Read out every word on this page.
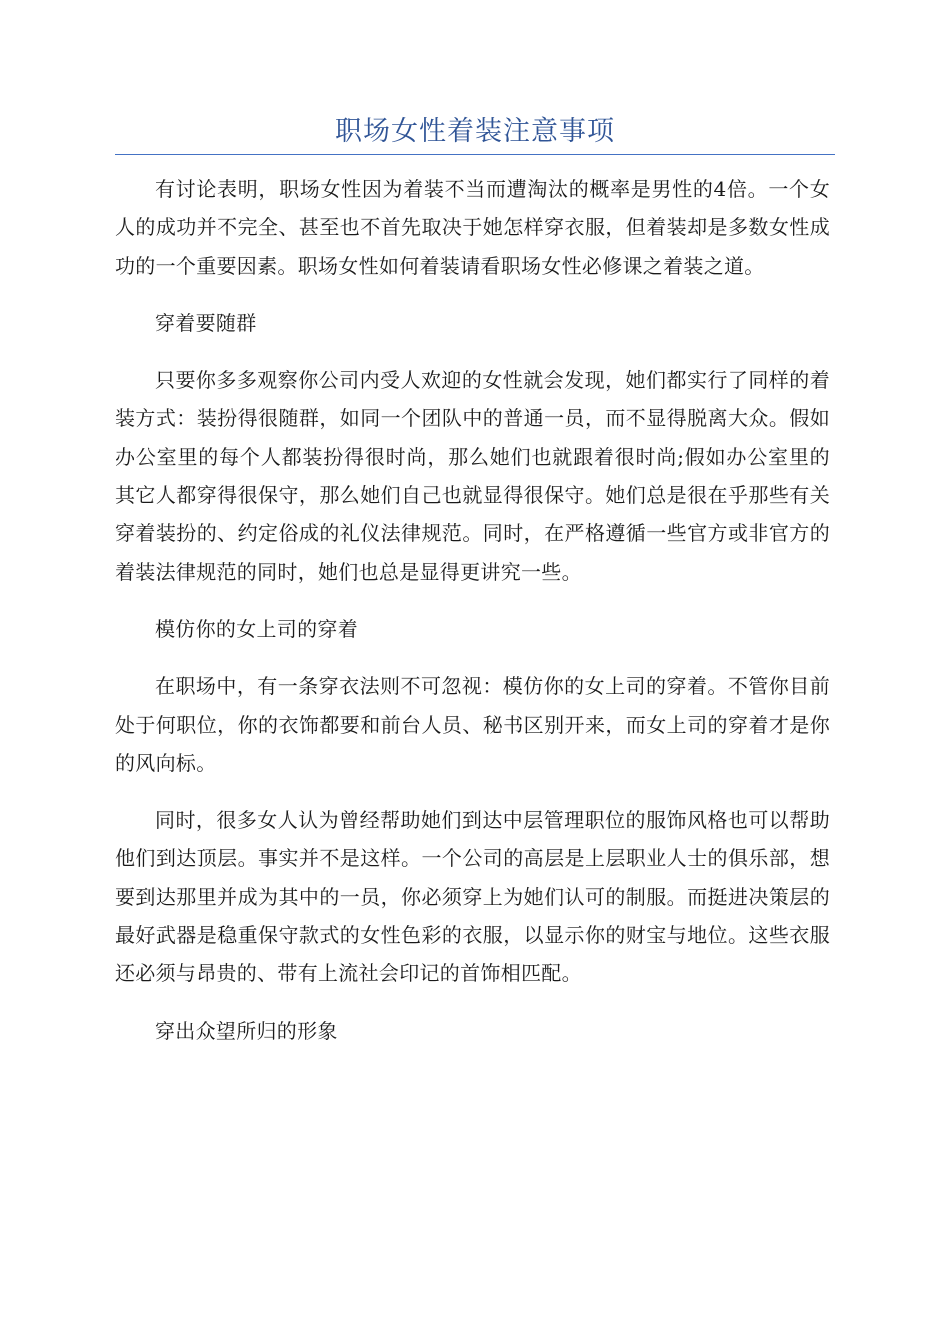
职场女性着装注意事项

有讨论表明，职场女性因为着装不当而遭淘汰的概率是男性的4倍。一个女人的成功并不完全、甚至也不首先取决于她怎样穿衣服，但着装却是多数女性成功的一个重要因素。职场女性如何着装请看职场女性必修课之着装之道。

穿着要随群

只要你多多观察你公司内受人欢迎的女性就会发现，她们都实行了同样的着装方式：装扮得很随群，如同一个团队中的普通一员，而不显得脱离大众。假如办公室里的每个人都装扮得很时尚，那么她们也就跟着很时尚;假如办公室里的其它人都穿得很保守，那么她们自己也就显得很保守。她们总是很在乎那些有关穿着装扮的、约定俗成的礼仪法律规范。同时，在严格遵循一些官方或非官方的着装法律规范的同时，她们也总是显得更讲究一些。

模仿你的女上司的穿着

在职场中，有一条穿衣法则不可忽视：模仿你的女上司的穿着。不管你目前处于何职位，你的衣饰都要和前台人员、秘书区别开来，而女上司的穿着才是你的风向标。

同时，很多女人认为曾经帮助她们到达中层管理职位的服饰风格也可以帮助他们到达顶层。事实并不是这样。一个公司的高层是上层职业人士的俱乐部，想要到达那里并成为其中的一员，你必须穿上为她们认可的制服。而挺进决策层的最好武器是稳重保守款式的女性色彩的衣服，以显示你的财宝与地位。这些衣服还必须与昂贵的、带有上流社会印记的首饰相匹配。

穿出众望所归的形象
